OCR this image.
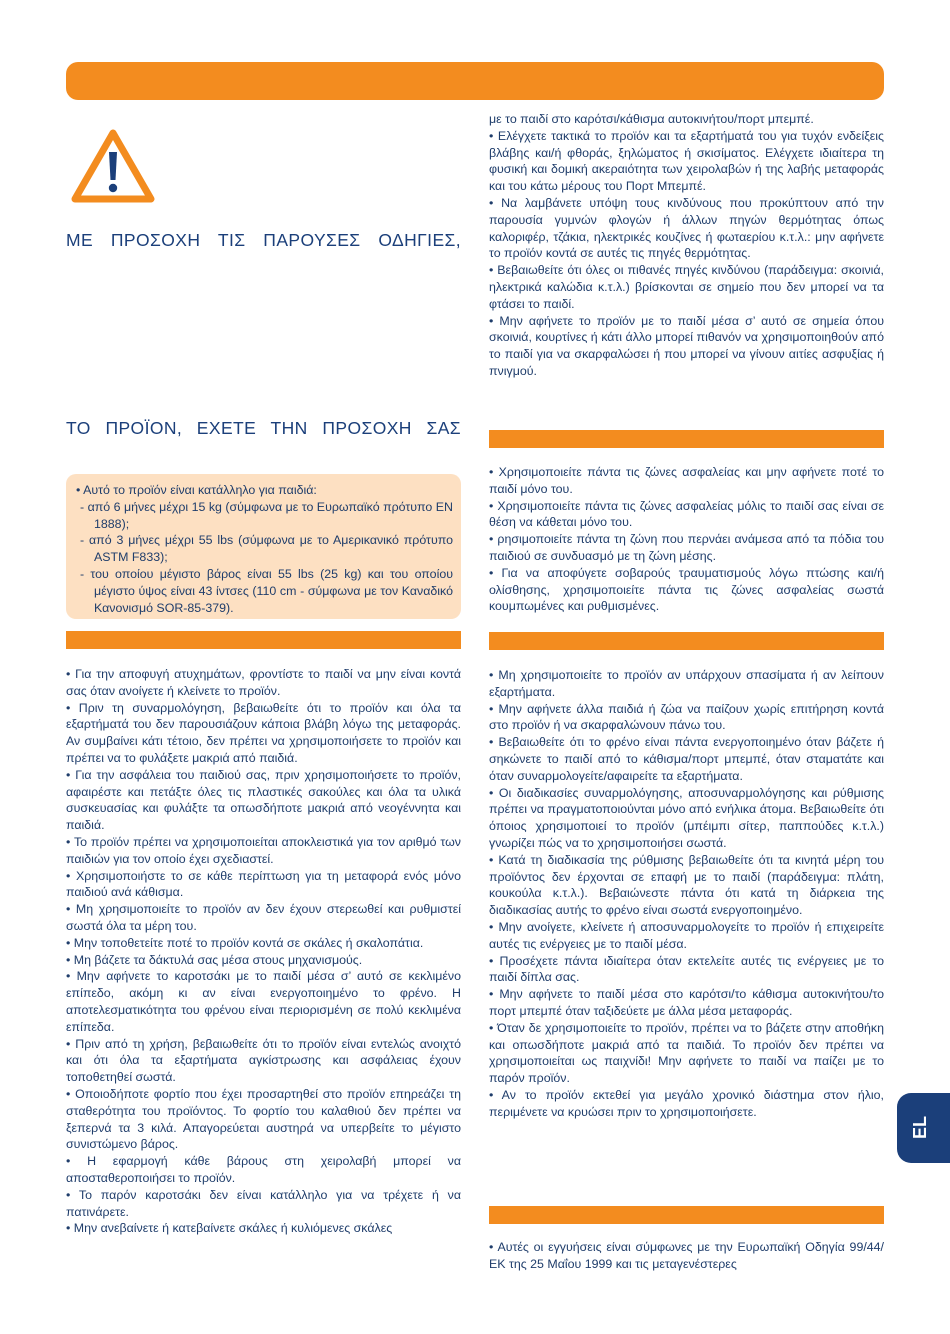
ΜΕ ΠΡΟΣΟΧΗ ΤΙΣ ΠΑΡΟΥΣΕΣ ΟΔΗΓΙΕΣ,
ΤΟ ΠΡΟΪΟΝ, ΕΧΕΤΕ ΤΗΝ ΠΡΟΣΟΧΗ ΣΑΣ

• Αυτό το προϊόν είναι κατάλληλο για παιδιά:

- από 6 μήνες μέχρι 15 kg (σύμφωνα με το Ευρωπαϊκό πρότυπο EN 1888);

- από 3 μήνες μέχρι 55 lbs (σύμφωνα με το Αμερικανικό πρότυπο ASTM F833);

- του οποίου μέγιστο βάρος είναι 55 lbs (25 kg) και του οποίου μέγιστο ύψος είναι 43 ίντσες (110 cm - σύμφωνα με τον Καναδικό Κανονισμό SOR-85-379).

• Για την αποφυγή ατυχημάτων, φροντίστε το παιδί να μην είναι κοντά σας όταν ανοίγετε ή κλείνετε το προϊόν.

• Πριν τη συναρμολόγηση, βεβαιωθείτε ότι το προϊόν και όλα τα εξαρτήματά του δεν παρουσιάζουν κάποια βλάβη λόγω της μεταφοράς. Αν συμβαίνει κάτι τέτοιο, δεν πρέπει να χρησιμοποιήσετε το προϊόν και πρέπει να το φυλάξετε μακριά από παιδιά.

• Για την ασφάλεια του παιδιού σας, πριν χρησιμοποιήσετε το προϊόν, αφαιρέστε και πετάξτε όλες τις πλαστικές σακούλες και όλα τα υλικά συσκευασίας και φυλάξτε τα οπωσδήποτε μακριά από νεογέννητα και παιδιά.

• Το προϊόν πρέπει να χρησιμοποιείται αποκλειστικά για τον αριθμό των παιδιών για τον οποίο έχει σχεδιαστεί.

• Χρησιμοποιήστε το σε κάθε περίπτωση για τη μεταφορά ενός μόνο παιδιού ανά κάθισμα.

• Μη χρησιμοποιείτε το προϊόν αν δεν έχουν στερεωθεί και ρυθμιστεί σωστά όλα τα μέρη του.

• Μην τοποθετείτε ποτέ το προϊόν κοντά σε σκάλες ή σκαλοπάτια.

• Μη βάζετε τα δάκτυλά σας μέσα στους μηχανισμούς.

• Μην αφήνετε το καροτσάκι με το παιδί μέσα σ’ αυτό σε κεκλιμένο επίπεδο, ακόμη κι αν είναι ενεργοποιημένο το φρένο. Η αποτελεσματικότητα του φρένου είναι περιορισμένη σε πολύ κεκλιμένα επίπεδα.

• Πριν από τη χρήση, βεβαιωθείτε ότι το προϊόν είναι εντελώς ανοιχτό και ότι όλα τα εξαρτήματα αγκίστρωσης και ασφάλειας έχουν τοποθετηθεί σωστά.

• Οποιοδήποτε φορτίο που έχει προσαρτηθεί στο προϊόν επηρεάζει τη σταθερότητα του προϊόντος. Το φορτίο του καλαθιού δεν πρέπει να ξεπερνά τα 3 κιλά. Απαγορεύεται αυστηρά να υπερβείτε το μέγιστο συνιστώμενο βάρος.

• Η εφαρμογή κάθε βάρους στη χειρολαβή μπορεί να αποσταθεροποιήσει το προϊόν.

• Το παρόν καροτσάκι δεν είναι κατάλληλο για να τρέχετε ή να πατινάρετε.

• Μην ανεβαίνετε ή κατεβαίνετε σκάλες ή κυλιόμενες σκάλες

με το παιδί στο καρότσι/κάθισμα αυτοκινήτου/πορτ μπεμπέ.

• Ελέγχετε τακτικά το προϊόν και τα εξαρτήματά του για τυχόν ενδείξεις βλάβης και/ή φθοράς, ξηλώματος ή σκισίματος. Ελέγχετε ιδιαίτερα τη φυσική και δομική ακεραιότητα των χειρολαβών ή της λαβής μεταφοράς και του κάτω μέρους του Πορτ Μπεμπέ.

• Να λαμβάνετε υπόψη τους κινδύνους που προκύπτουν από την παρουσία γυμνών φλογών ή άλλων πηγών θερμότητας όπως καλοριφέρ, τζάκια, ηλεκτρικές κουζίνες ή φωταερίου κ.τ.λ.: μην αφήνετε το προϊόν κοντά σε αυτές τις πηγές θερμότητας.

• Βεβαιωθείτε ότι όλες οι πιθανές πηγές κινδύνου (παράδειγμα: σκοινιά, ηλεκτρικά καλώδια κ.τ.λ.) βρίσκονται σε σημείο που δεν μπορεί να τα φτάσει το παιδί.

• Μην αφήνετε το προϊόν με το παιδί μέσα σ’ αυτό σε σημεία όπου σκοινιά, κουρτίνες ή κάτι άλλο μπορεί πιθανόν να χρησιμοποιηθούν από το παιδί για να σκαρφαλώσει ή που μπορεί να γίνουν αιτίες ασφυξίας ή πνιγμού.

• Χρησιμοποιείτε πάντα τις ζώνες ασφαλείας και μην αφήνετε ποτέ το παιδί μόνο του.

• Χρησιμοποιείτε πάντα τις ζώνες ασφαλείας μόλις το παιδί σας είναι σε θέση να κάθεται μόνο του.

• ρησιμοποιείτε πάντα τη ζώνη που περνάει ανάμεσα από τα πόδια του παιδιού σε συνδυασμό με τη ζώνη μέσης.

• Για να αποφύγετε σοβαρούς τραυματισμούς λόγω πτώσης και/ή ολίσθησης, χρησιμοποιείτε πάντα τις ζώνες ασφαλείας σωστά κουμπωμένες και ρυθμισμένες.

• Μη χρησιμοποιείτε το προϊόν αν υπάρχουν σπασίματα ή αν λείπουν εξαρτήματα.

• Μην αφήνετε άλλα παιδιά ή ζώα να παίζουν χωρίς επιτήρηση κοντά στο προϊόν ή να σκαρφαλώνουν πάνω του.

• Βεβαιωθείτε ότι το φρένο είναι πάντα ενεργοποιημένο όταν βάζετε ή σηκώνετε το παιδί από το κάθισμα/πορτ μπεμπέ, όταν σταματάτε και όταν συναρμολογείτε/αφαιρείτε τα εξαρτήματα.

• Οι διαδικασίες συναρμολόγησης, αποσυναρμολόγησης και ρύθμισης πρέπει να πραγματοποιούνται μόνο από ενήλικα άτομα. Βεβαιωθείτε ότι όποιος χρησιμοποιεί το προϊόν (μπέιμπι σίτερ, παππούδες κ.τ.λ.) γνωρίζει πώς να το χρησιμοποιήσει σωστά.

• Κατά τη διαδικασία της ρύθμισης βεβαιωθείτε ότι τα κινητά μέρη του προϊόντος δεν έρχονται σε επαφή με το παιδί (παράδειγμα: πλάτη, κουκούλα κ.τ.λ.). Βεβαιώνεστε πάντα ότι κατά τη διάρκεια της διαδικασίας αυτής το φρένο είναι σωστά ενεργοποιημένο.

• Μην ανοίγετε, κλείνετε ή αποσυναρμολογείτε το προϊόν ή επιχειρείτε αυτές τις ενέργειες με το παιδί μέσα.

• Προσέχετε πάντα ιδιαίτερα όταν εκτελείτε αυτές τις ενέργειες με το παιδί δίπλα σας.

• Μην αφήνετε το παιδί μέσα στο καρότσι/το κάθισμα αυτοκινήτου/το πορτ μπεμπέ όταν ταξιδεύετε με άλλα μέσα μεταφοράς.

• Όταν δε χρησιμοποιείτε το προϊόν, πρέπει να το βάζετε στην αποθήκη και οπωσδήποτε μακριά από τα παιδιά. Το προϊόν δεν πρέπει να χρησιμοποιείται ως παιχνίδι! Μην αφήνετε το παιδί να παίζει με το παρόν προϊόν.

• Αν το προϊόν εκτεθεί για μεγάλο χρονικό διάστημα στον ήλιο, περιμένετε να κρυώσει πριν το χρησιμοποιήσετε.

• Αυτές οι εγγυήσεις είναι σύμφωνες με την Ευρωπαϊκή Οδηγία 99/44/ΕΚ της 25 Μαΐου 1999 και τις μεταγενέστερες

EL
